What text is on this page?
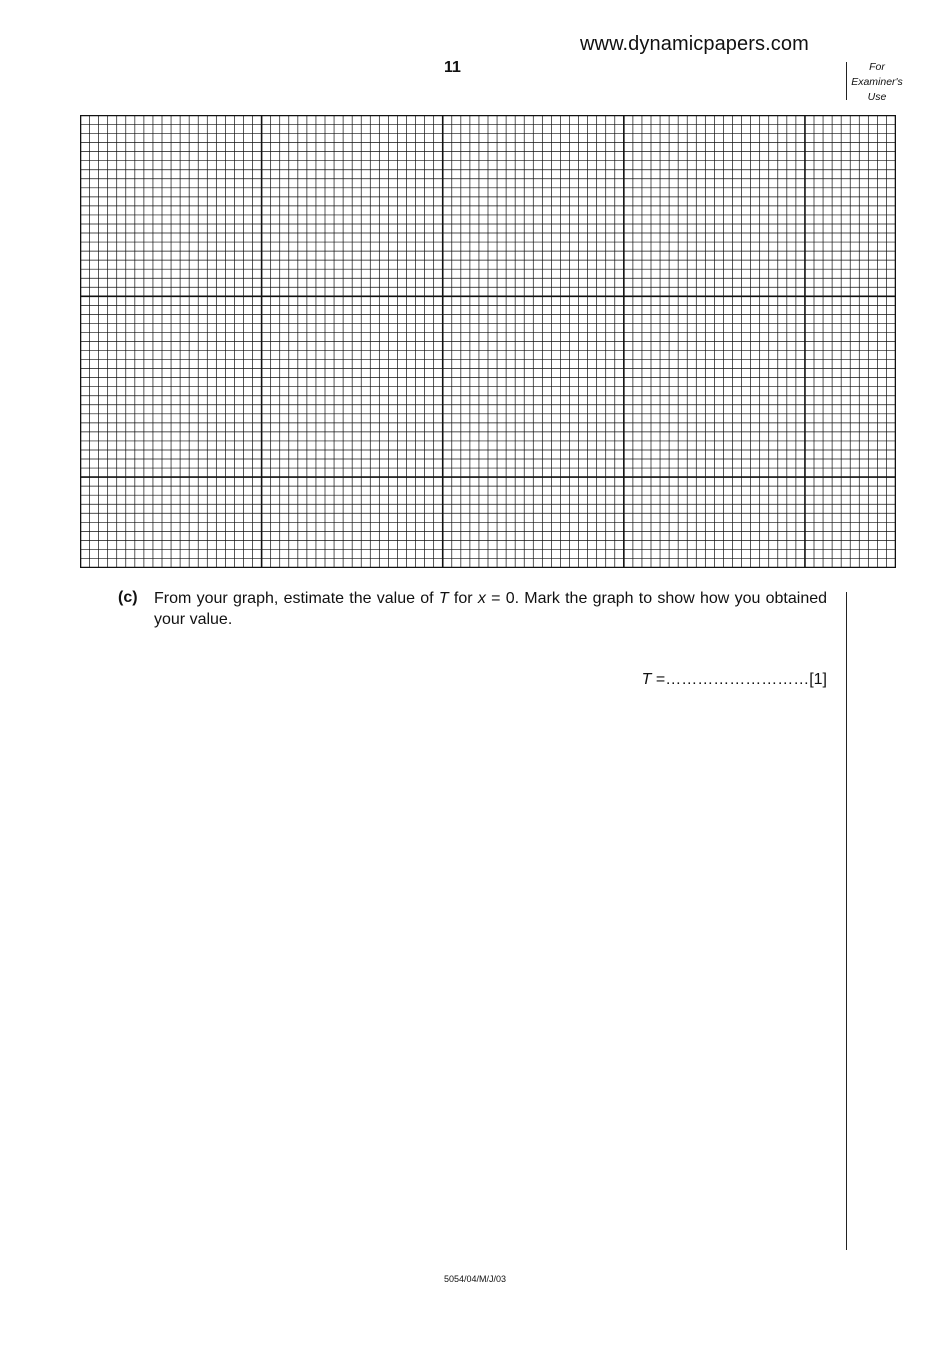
www.dynamicpapers.com
11	For
Examiner's
Use
(c) From your graph, estimate the value of T for x = 0. Mark the graph to show how you obtained your value.
T =………………………[1]
5054/04/M/J/03
